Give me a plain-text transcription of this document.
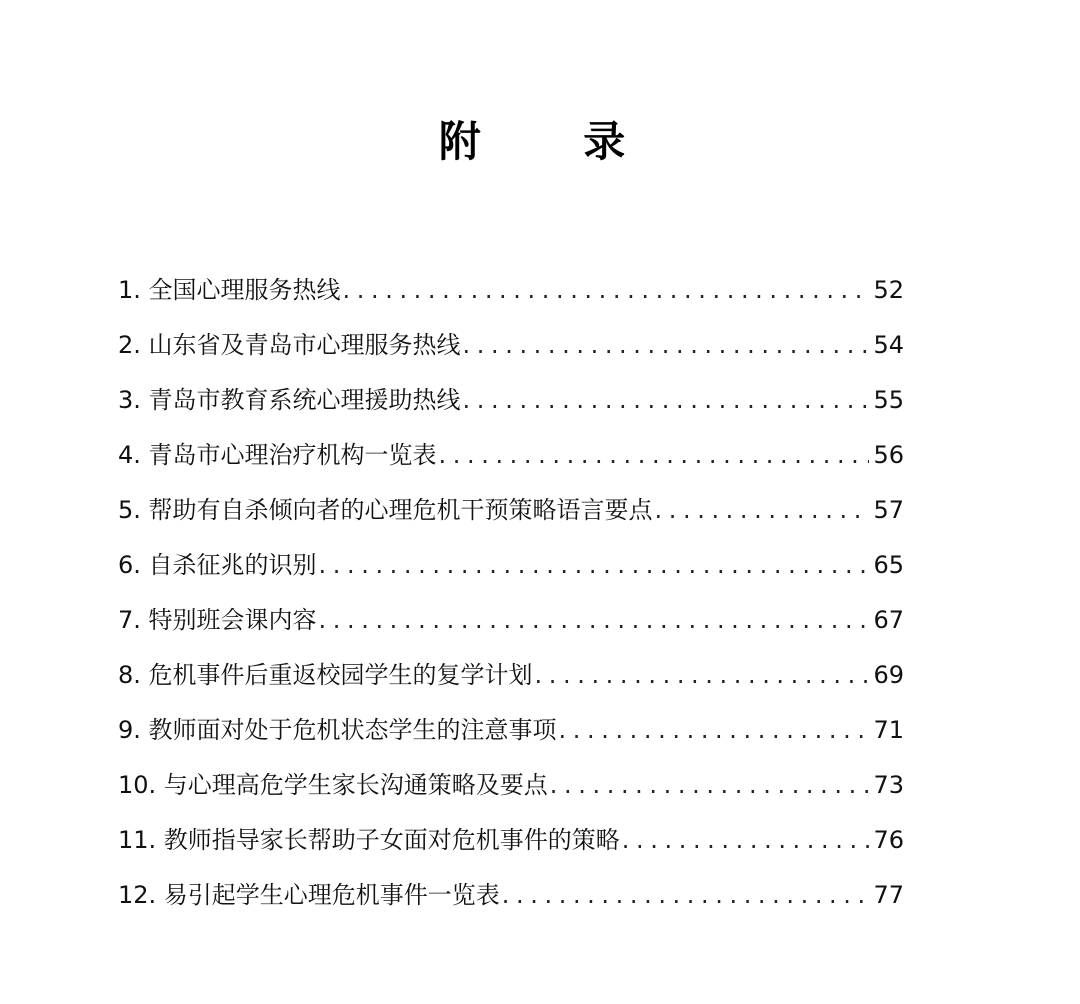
附 录
1. 全国心理服务热线 .....	52
2. 山东省及青岛市心理服务热线 .....	54
3. 青岛市教育系统心理援助热线 .....	55
4. 青岛市心理治疗机构一览表 .....	56
5. 帮助有自杀倾向者的心理危机干预策略语言要点 .....	57
6. 自杀征兆的识别 .....	65
7. 特别班会课内容 .....	67
8. 危机事件后重返校园学生的复学计划 .....	69
9. 教师面对处于危机状态学生的注意事项 .....	71
10. 与心理高危学生家长沟通策略及要点 .....	73
11. 教师指导家长帮助子女面对危机事件的策略 .....	76
12. 易引起学生心理危机事件一览表 .....	77
